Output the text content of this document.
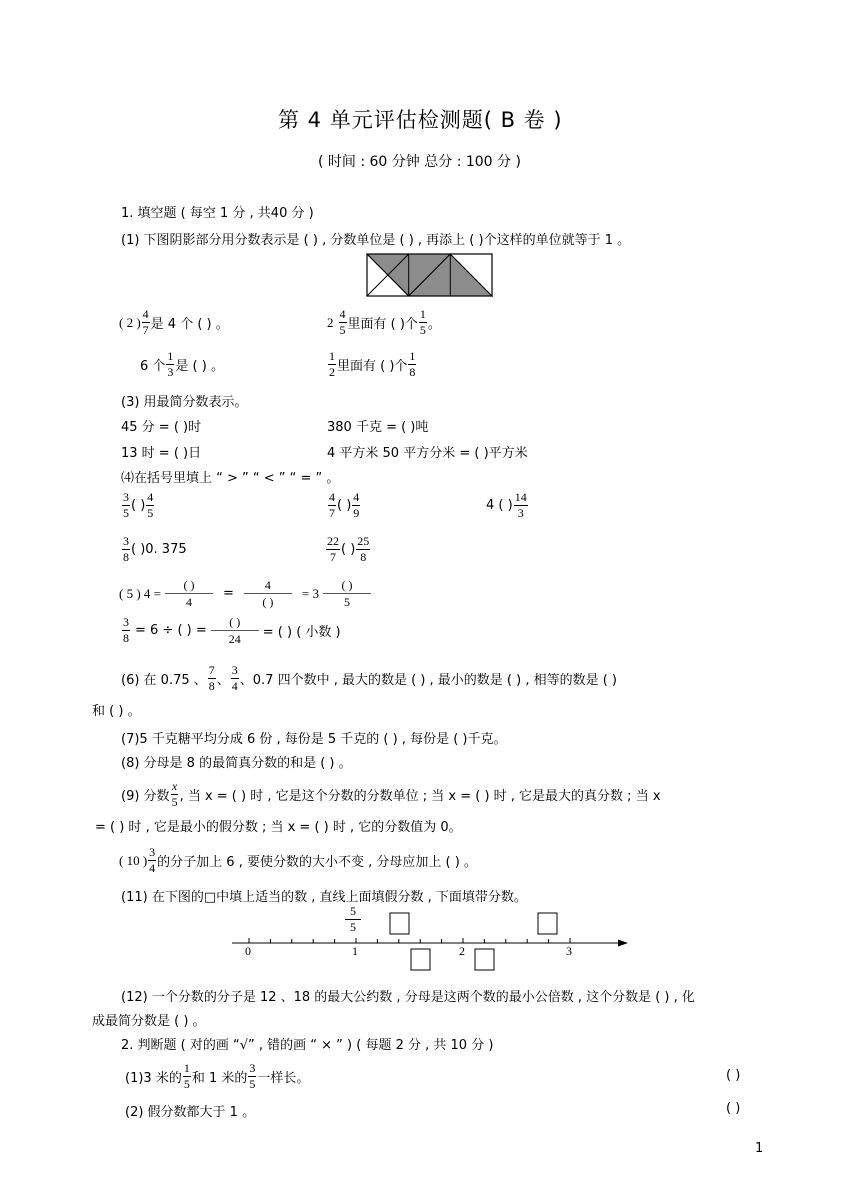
第 4 单元评估检测题( B 卷 )
( 时间 : 60 分钟 总分 : 100 分 )
1. 填空题 ( 每空 1 分 , 共40 分 )
(1) 下图阴影部分用分数表示是 ( ) , 分数单位是 ( ) , 再添上 ( )个这样的单位就等于 1 。
( 2 ) $\frac{4}{7}$ 是 4 个 ( ) 。	$2 \frac{4}{5}$ 里面有 ( )个 $\frac{1}{5}$ 。
6 个 $\frac{1}{3}$ 是 ( ) 。	$\frac{1}{2}$ 里面有 ( )个 $\frac{1}{8}$
(3) 用最简分数表示。
45 分 = ( )时	380 千克 = ( )吨
13 时 = ( )日	4 平方米 50 平方分米 = ( )平方米
⑷在括号里填上 “ > ” “ < ” “ = ” 。
$\frac{3}{5}$ ( ) $\frac{4}{5}$	$\frac{4}{7}$ ( ) $\frac{4}{9}$	4 ( ) $\frac{14}{3}$
$\frac{3}{8}$ ( )0. 375	$\frac{22}{7}$ ( ) $\frac{25}{8}$
( 5 ) $4 = \frac{( )}{4} = \frac{4}{( )} = 3 \frac{( )}{5}$
$\frac{3}{8} = 6$ ÷ ( ) = $\frac{( )}{24}$ = ( ) ( 小数 )
(6) 在 0.75 、 $\frac{7}{8}$ 、 $\frac{3}{4}$ 、0.7 四个数中 , 最大的数是 ( ) , 最小的数是 ( ) , 相等的数是 ( )
和 ( ) 。
(7)5 千克糖平均分成 6 份 , 每份是 5 千克的 ( ) , 每份是 ( )千克。
(8) 分母是 8 的最简真分数的和是 ( ) 。
(9) 分数 $\frac{x}{5}$ , 当 x = ( ) 时 , 它是这个分数的分数单位 ; 当 x = ( ) 时 , 它是最大的真分数 ; 当 x
= ( ) 时 , 它是最小的假分数 ; 当 x = ( ) 时 , 它的分数值为 0。
( 10 ) $\frac{3}{4}$ 的分子加上 6 , 要使分数的大小不变 , 分母应加上 ( ) 。
(11) 在下图的□中填上适当的数 , 直线上面填假分数 , 下面填带分数。
$\frac{5}{5}$
0	1	2	3
(12) 一个分数的分子是 12 、18 的最大公约数 , 分母是这两个数的最小公倍数 , 这个分数是 ( ) , 化
成最简分数是 ( ) 。
2. 判断题 ( 对的画 “√” , 错的画 “ × ” ) ( 每题 2 分 , 共 10 分 )
(1)3 米的 $\frac{1}{5}$ 和 1 米的 $\frac{3}{5}$ 一样长。	( )
(2) 假分数都大于 1 。	( )
1
